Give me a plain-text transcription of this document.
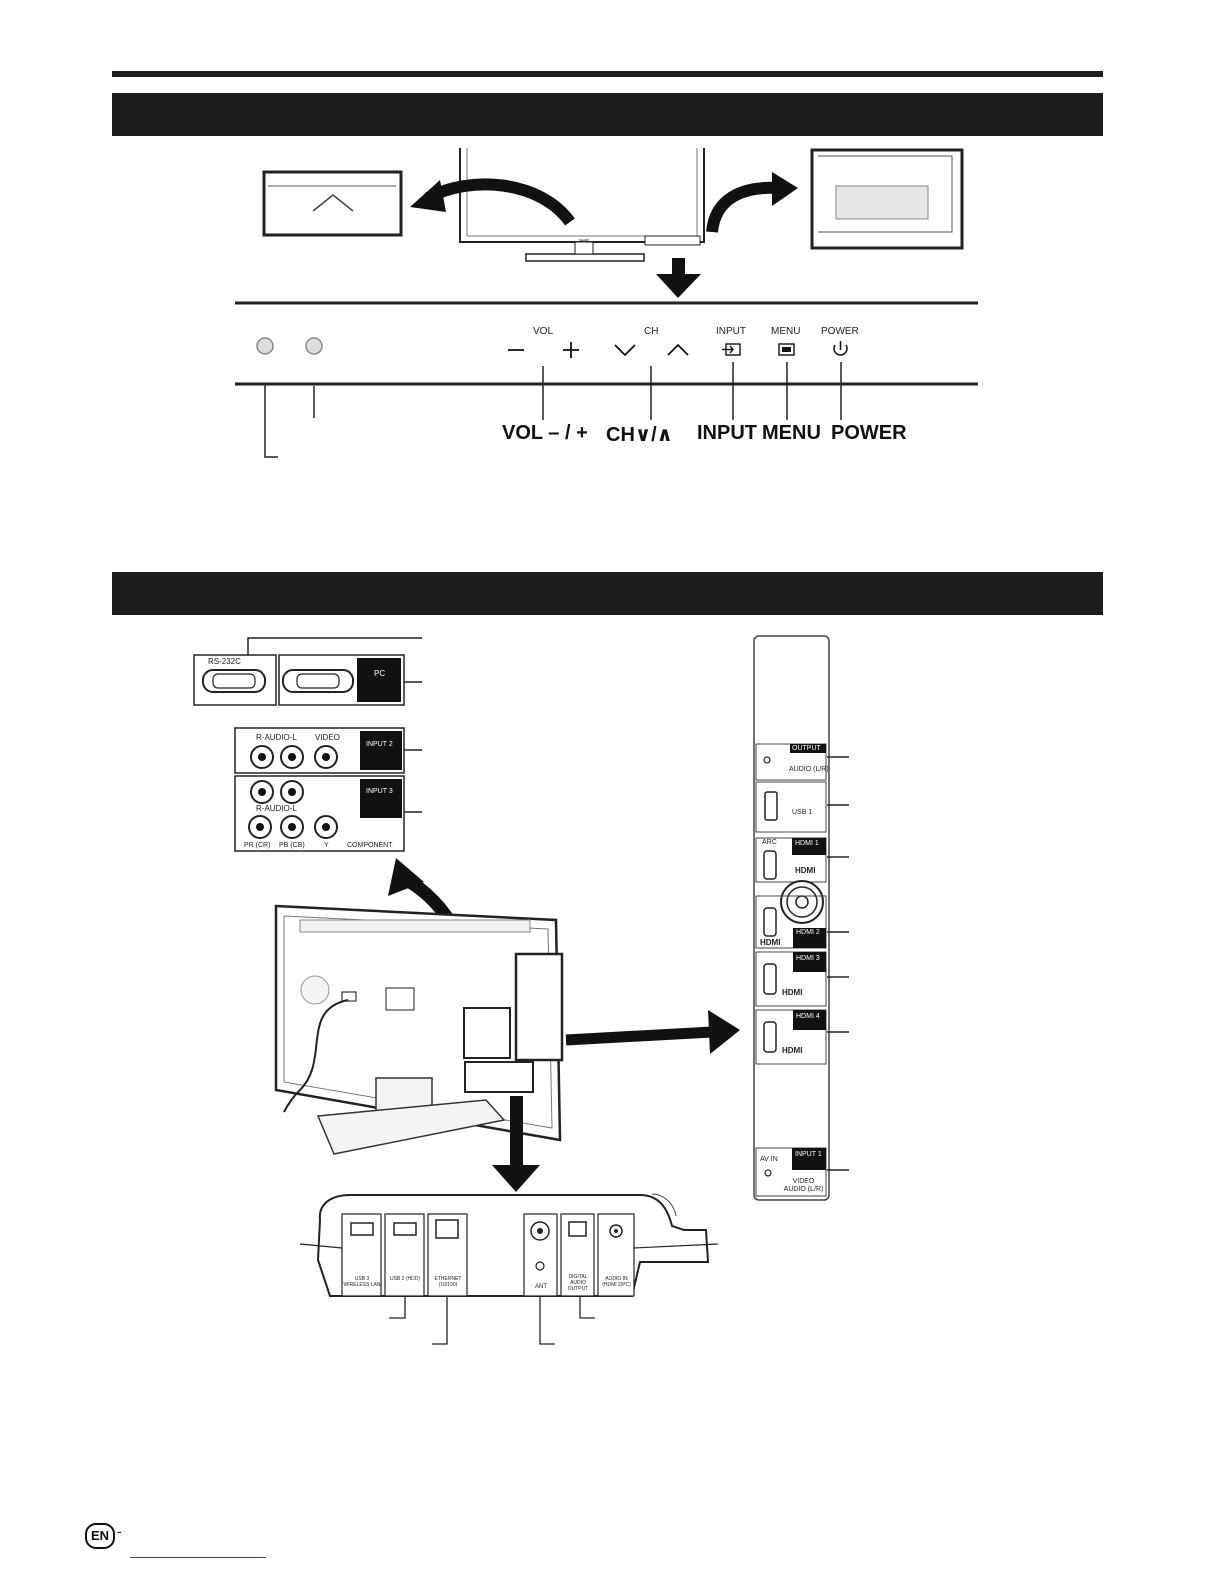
SHARP
VOL	CH	INPUT	MENU POWER
VOL – / + CH∨/∧ INPUT MENU POWER
RS-232C
PC
R-AUDIO-L VIDEO
INPUT 2
R-AUDIO-L
INPUT 3
PR (CR) PB (CB)	Y	COMPONENT
OUTPUT
AUDIO (L/R)
USB 1
ARC	HDMI 1
HDMI
HDMI
HDMI 2
HDMI 3
HDMI
HDMI 4
HDMI
AV IN
INPUT 1
VIDEO AUDIO (L/R)
USB 3 WIRELESS LAN
USB 2 (HDD)	ETHERNET (10/100)	ANT
DIGITAL AUDIO OUTPUT
AUDIO IN (HDMI 2/PC)
EN -
